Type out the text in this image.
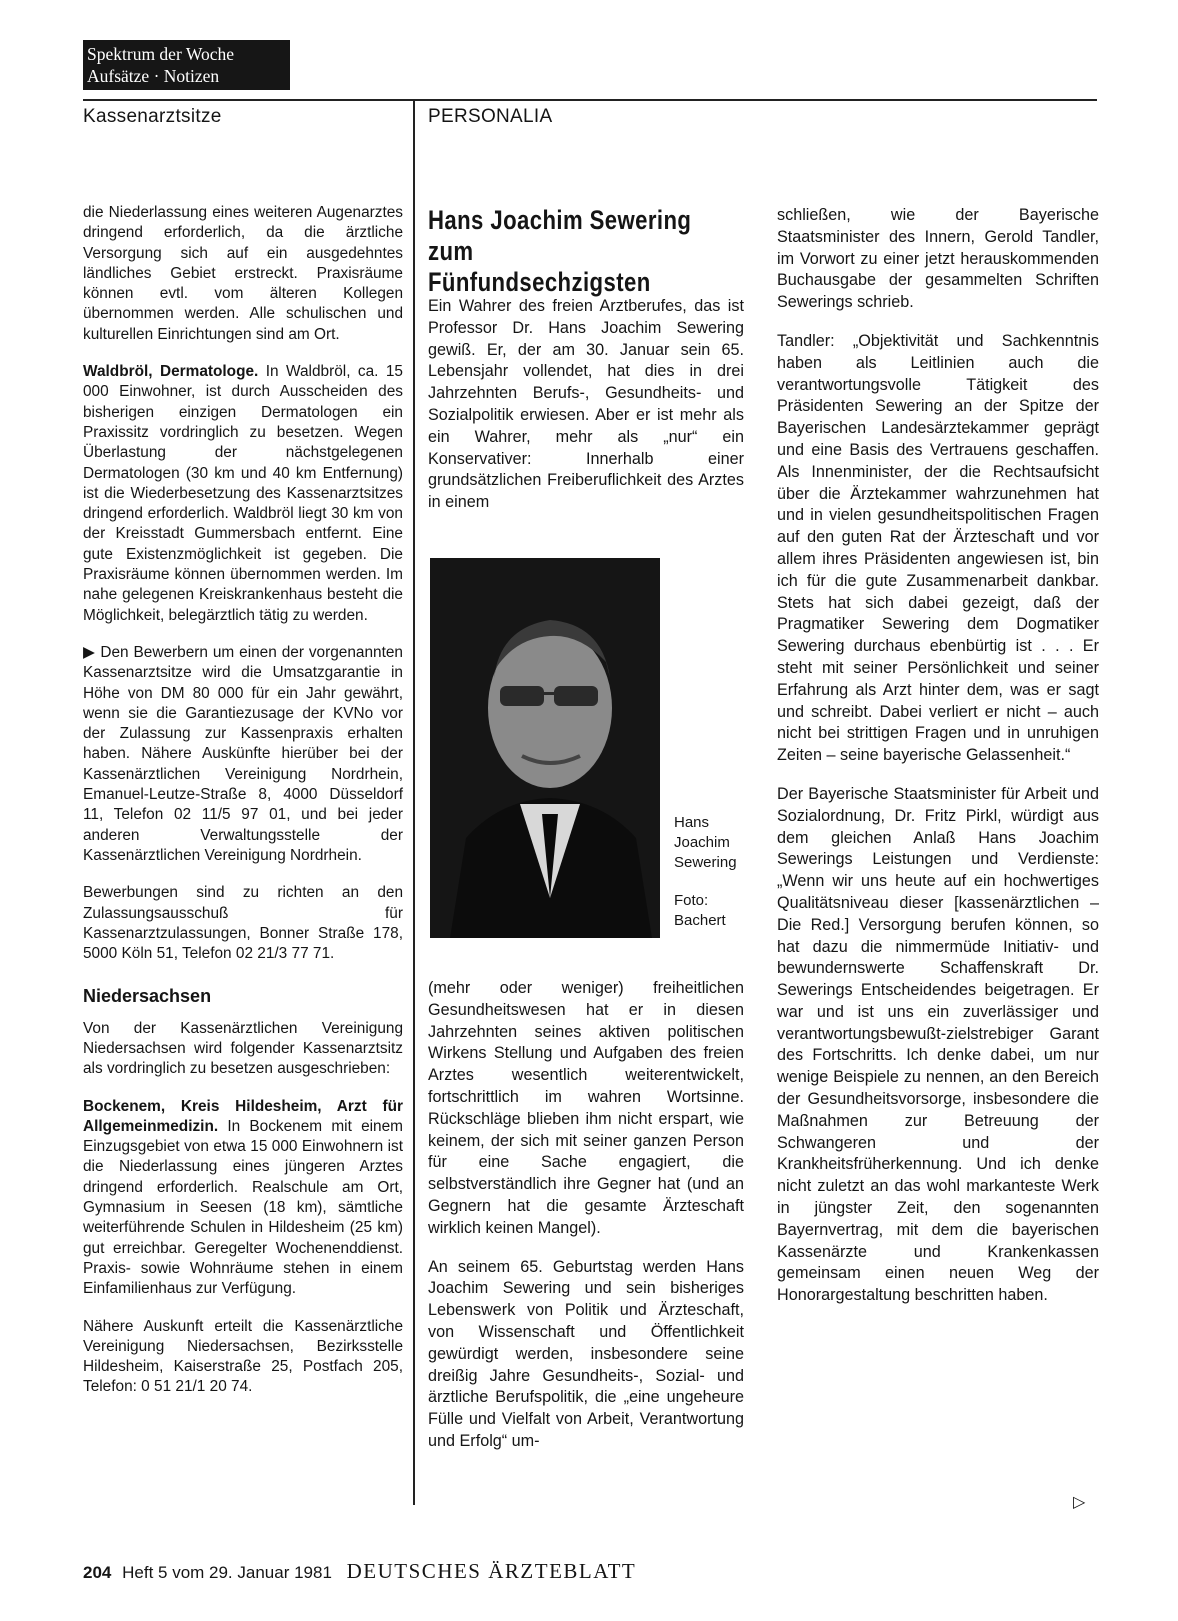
Spektrum der Woche
Aufsätze · Notizen
Kassenarztsitze	PERSONALIA

die Niederlassung eines weiteren Augenarztes dringend erforderlich, da die ärztliche Versorgung sich auf ein ausgedehntes ländliches Gebiet erstreckt. Praxisräume können evtl. vom älteren Kollegen übernommen werden. Alle schulischen und kulturellen Einrichtungen sind am Ort.

Waldbröl, Dermatologe. In Waldbröl, ca. 15 000 Einwohner, ist durch Ausscheiden des bisherigen einzigen Dermatologen ein Praxissitz vordringlich zu besetzen. Wegen Überlastung der nächstgelegenen Dermatologen (30 km und 40 km Entfernung) ist die Wiederbesetzung des Kassenarztsitzes dringend erforderlich. Waldbröl liegt 30 km von der Kreisstadt Gummersbach entfernt. Eine gute Existenzmöglichkeit ist gegeben. Die Praxisräume können übernommen werden. Im nahe gelegenen Kreiskrankenhaus besteht die Möglichkeit, belegärztlich tätig zu werden.

▶ Den Bewerbern um einen der vorgenannten Kassenarztsitze wird die Umsatzgarantie in Höhe von DM 80 000 für ein Jahr gewährt, wenn sie die Garantiezusage der KVNo vor der Zulassung zur Kassenpraxis erhalten haben. Nähere Auskünfte hierüber bei der Kassenärztlichen Vereinigung Nordrhein, Emanuel-Leutze-Straße 8, 4000 Düsseldorf 11, Telefon 02 11/5 97 01, und bei jeder anderen Verwaltungsstelle der Kassenärztlichen Vereinigung Nordrhein.

Bewerbungen sind zu richten an den Zulassungsausschuß für Kassenarztzulassungen, Bonner Straße 178, 5000 Köln 51, Telefon 02 21/3 77 71.

Niedersachsen

Von der Kassenärztlichen Vereinigung Niedersachsen wird folgender Kassenarztsitz als vordringlich zu besetzen ausgeschrieben:

Bockenem, Kreis Hildesheim, Arzt für Allgemeinmedizin. In Bockenem mit einem Einzugsgebiet von etwa 15 000 Einwohnern ist die Niederlassung eines jüngeren Arztes dringend erforderlich. Realschule am Ort, Gymnasium in Seesen (18 km), sämtliche weiterführende Schulen in Hildesheim (25 km) gut erreichbar. Geregelter Wochenenddienst. Praxis- sowie Wohnräume stehen in einem Einfamilienhaus zur Verfügung.

Nähere Auskunft erteilt die Kassenärztliche Vereinigung Niedersachsen, Bezirksstelle Hildesheim, Kaiserstraße 25, Postfach 205, Telefon: 0 51 21/1 20 74.

Hans Joachim Sewering zum Fünfundsechzigsten

Ein Wahrer des freien Arztberufes, das ist Professor Dr. Hans Joachim Sewering gewiß. Er, der am 30. Januar sein 65. Lebensjahr vollendet, hat dies in drei Jahrzehnten Berufs-, Gesundheits- und Sozialpolitik erwiesen. Aber er ist mehr als ein Wahrer, mehr als „nur“ ein Konservativer: Innerhalb einer grundsätzlichen Freiberuflichkeit des Arztes in einem

Hans
Joachim
Sewering
Foto:
Bachert

(mehr oder weniger) freiheitlichen Gesundheitswesen hat er in diesen Jahrzehnten seines aktiven politischen Wirkens Stellung und Aufgaben des freien Arztes wesentlich weiterentwickelt, fortschrittlich im wahren Wortsinne. Rückschläge blieben ihm nicht erspart, wie keinem, der sich mit seiner ganzen Person für eine Sache engagiert, die selbstverständlich ihre Gegner hat (und an Gegnern hat die gesamte Ärzteschaft wirklich keinen Mangel).

An seinem 65. Geburtstag werden Hans Joachim Sewering und sein bisheriges Lebenswerk von Politik und Ärzteschaft, von Wissenschaft und Öffentlichkeit gewürdigt werden, insbesondere seine dreißig Jahre Gesundheits-, Sozial- und ärztliche Berufspolitik, die „eine ungeheure Fülle und Vielfalt von Arbeit, Verantwortung und Erfolg“ um-

schließen, wie der Bayerische Staatsminister des Innern, Gerold Tandler, im Vorwort zu einer jetzt herauskommenden Buchausgabe der gesammelten Schriften Sewerings schrieb.

Tandler: „Objektivität und Sachkenntnis haben als Leitlinien auch die verantwortungsvolle Tätigkeit des Präsidenten Sewering an der Spitze der Bayerischen Landesärztekammer geprägt und eine Basis des Vertrauens geschaffen. Als Innenminister, der die Rechtsaufsicht über die Ärztekammer wahrzunehmen hat und in vielen gesundheitspolitischen Fragen auf den guten Rat der Ärzteschaft und vor allem ihres Präsidenten angewiesen ist, bin ich für die gute Zusammenarbeit dankbar. Stets hat sich dabei gezeigt, daß der Pragmatiker Sewering dem Dogmatiker Sewering durchaus ebenbürtig ist . . . Er steht mit seiner Persönlichkeit und seiner Erfahrung als Arzt hinter dem, was er sagt und schreibt. Dabei verliert er nicht – auch nicht bei strittigen Fragen und in unruhigen Zeiten – seine bayerische Gelassenheit.“

Der Bayerische Staatsminister für Arbeit und Sozialordnung, Dr. Fritz Pirkl, würdigt aus dem gleichen Anlaß Hans Joachim Sewerings Leistungen und Verdienste: „Wenn wir uns heute auf ein hochwertiges Qualitätsniveau dieser [kassenärztlichen – Die Red.] Versorgung berufen können, so hat dazu die nimmermüde Initiativ- und bewundernswerte Schaffenskraft Dr. Sewerings Entscheidendes beigetragen. Er war und ist uns ein zuverlässiger und verantwortungsbewußt-zielstrebiger Garant des Fortschritts. Ich denke dabei, um nur wenige Beispiele zu nennen, an den Bereich der Gesundheitsvorsorge, insbesondere die Maßnahmen zur Betreuung der Schwangeren und der Krankheitsfrüherkennung. Und ich denke nicht zuletzt an das wohl markanteste Werk in jüngster Zeit, den sogenannten Bayernvertrag, mit dem die bayerischen Kassenärzte und Krankenkassen gemeinsam einen neuen Weg der Honorargestaltung beschritten haben.

▷
204 Heft 5 vom 29. Januar 1981 DEUTSCHES ÄRZTEBLATT
